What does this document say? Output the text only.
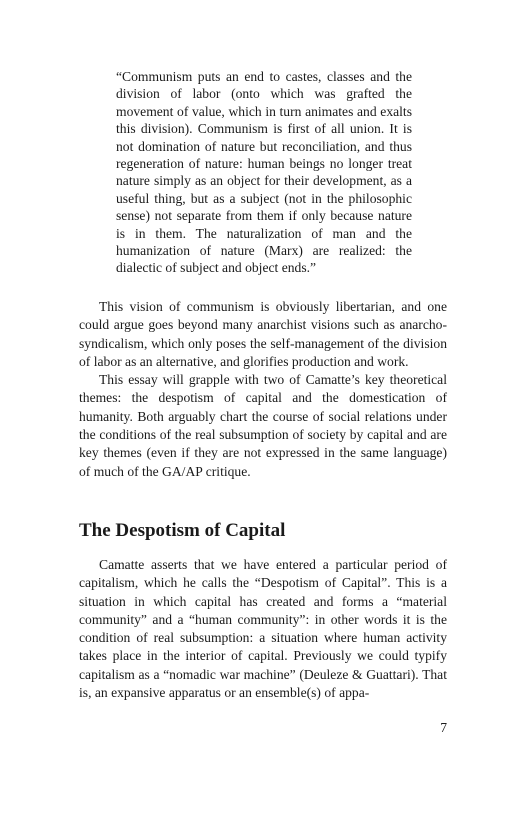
“Communism puts an end to castes, classes and the division of labor (onto which was grafted the movement of value, which in turn animates and exalts this division). Communism is first of all union. It is not domination of nature but reconciliation, and thus regeneration of nature: human beings no longer treat nature simply as an object for their development, as a useful thing, but as a subject (not in the philosophic sense) not separate from them if only because nature is in them. The naturalization of man and the humanization of nature (Marx) are realized: the dialectic of subject and object ends.”

This vision of communism is obviously libertarian, and one could argue goes beyond many anarchist visions such as anarcho-syndicalism, which only poses the self-management of the division of labor as an alternative, and glorifies production and work.

This essay will grapple with two of Camatte’s key theoretical themes: the despotism of capital and the domestication of humanity. Both arguably chart the course of social relations under the conditions of the real subsumption of society by capital and are key themes (even if they are not expressed in the same language) of much of the GA/AP critique.

The Despotism of Capital

Camatte asserts that we have entered a particular period of capitalism, which he calls the “Despotism of Capital”. This is a situation in which capital has created and forms a “material community” and a “human community”: in other words it is the condition of real subsumption: a situation where human activity takes place in the interior of capital. Previously we could typify capitalism as a “nomadic war machine” (Deuleze & Guattari). That is, an expansive apparatus or an ensemble(s) of appa-

7
